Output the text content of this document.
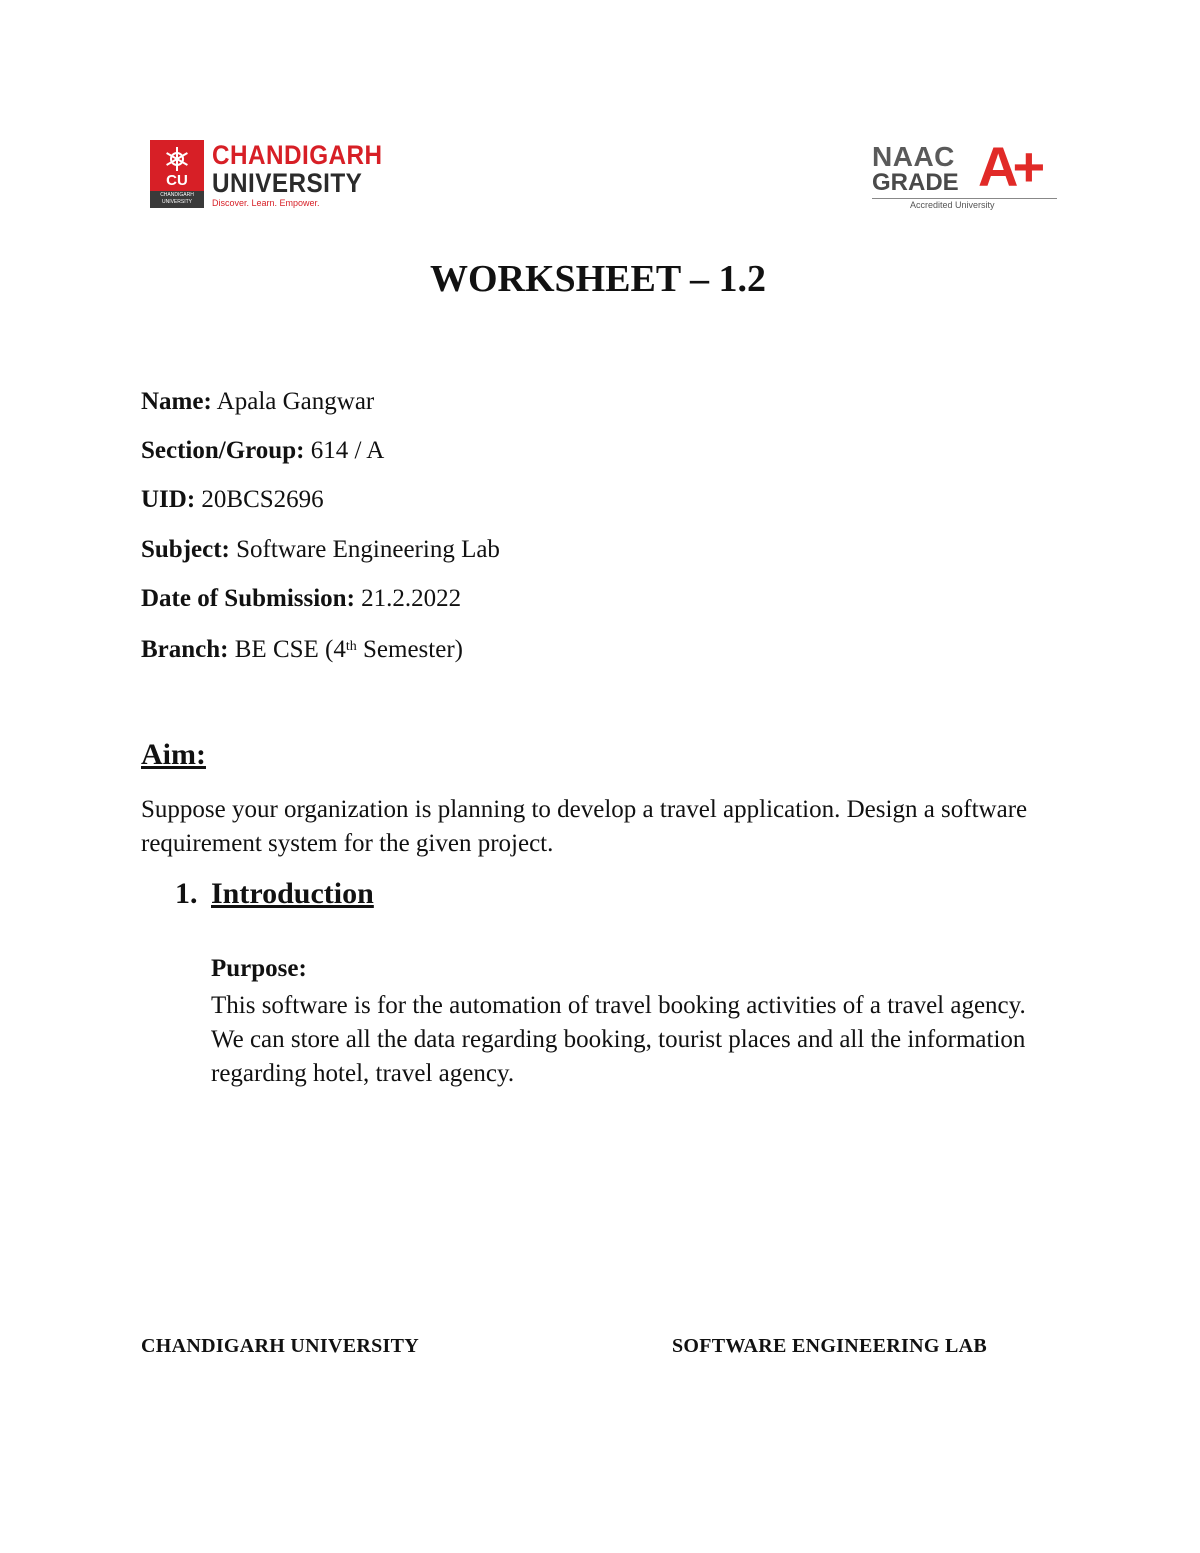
CU
CHANDIGARH UNIVERSITY
CHANDIGARH
UNIVERSITY
Discover. Learn. Empower.
NAAC
GRADE A+
Accredited University
WORKSHEET – 1.2
Name: Apala Gangwar
Section/Group: 614 / A
UID: 20BCS2696
Subject: Software Engineering Lab
Date of Submission: 21.2.2022
Branch: BE CSE (4th Semester)
Aim:
Suppose your organization is planning to develop a travel application. Design a software requirement system for the given project.
1. Introduction
Purpose:
This software is for the automation of travel booking activities of a travel agency. We can store all the data regarding booking, tourist places and all the information regarding hotel, travel agency.
CHANDIGARH UNIVERSITY	SOFTWARE ENGINEERING LAB
